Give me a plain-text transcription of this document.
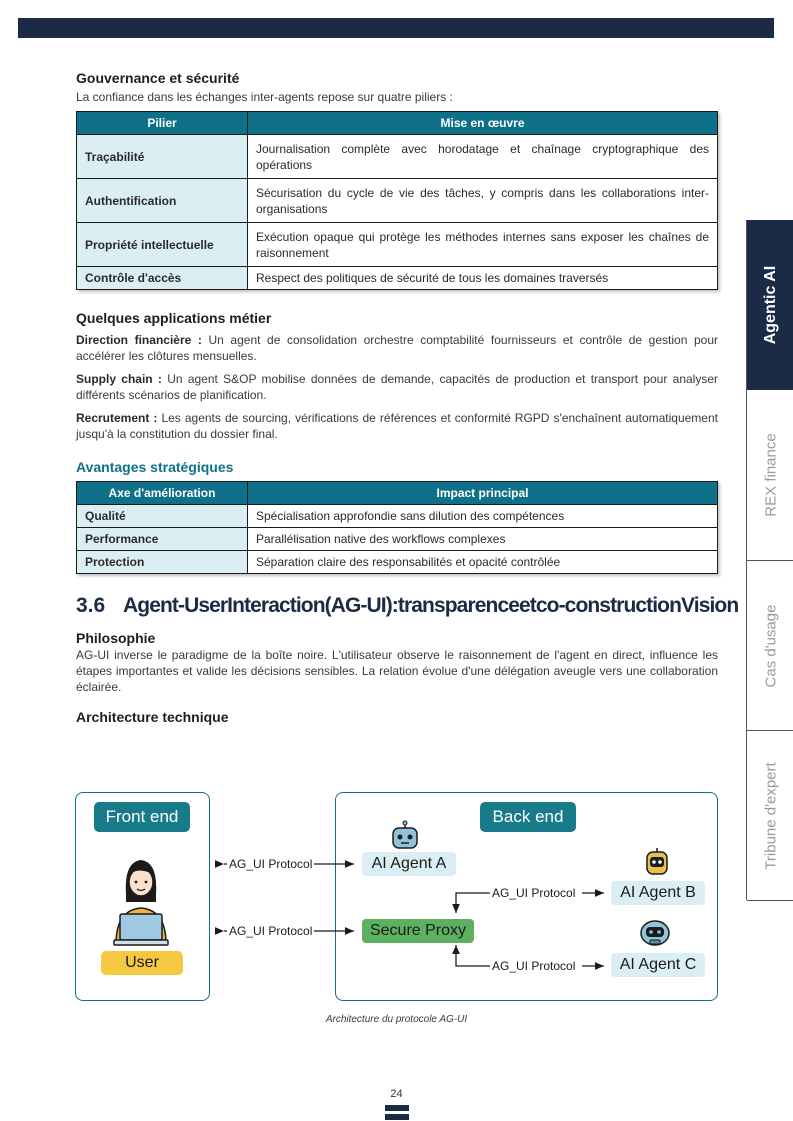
Gouvernance et sécurité

La confiance dans les échanges inter-agents repose sur quatre piliers :

Pilier	Mise en œuvre
Traçabilité	Journalisation complète avec horodatage et chaînage cryptographique des opérations
Authentification	Sécurisation du cycle de vie des tâches, y compris dans les collaborations inter-organisations
Propriété intellectuelle	Exécution opaque qui protège les méthodes internes sans exposer les chaînes de raisonnement
Contrôle d'accès	Respect des politiques de sécurité de tous les domaines traversés
Quelques applications métier

Direction financière : Un agent de consolidation orchestre comptabilité fournisseurs et contrôle de gestion pour accélérer les clôtures mensuelles.

Supply chain : Un agent S&OP mobilise données de demande, capacités de production et transport pour analyser différents scénarios de planification.

Recrutement : Les agents de sourcing, vérifications de références et conformité RGPD s'enchaînent automatiquement jusqu'à la constitution du dossier final.

Avantages stratégiques
Axe d'amélioration	Impact principal
Qualité	Spécialisation approfondie sans dilution des compétences
Performance	Parallélisation native des workflows complexes
Protection	Séparation claire des responsabilités et opacité contrôlée
3.6 Agent-UserInteraction(AG-UI):transparenceetco-constructionVision
Philosophie

AG-UI inverse le paradigme de la boîte noire. L'utilisateur observe le raisonnement de l'agent en direct, influence les étapes importantes et valide les décisions sensibles. La relation évolue d'une délégation aveugle vers une collaboration éclairée.

Architecture technique
Front end	Back end
User
AI Agent A
AI Agent B
AI Agent C
Secure Proxy
AG_UI Protocol
AG_UI Protocol
AG_UI Protocol
AG_UI Protocol
Architecture du protocole AG-UI
Agentic AI
REX finance
Cas d'usage
Tribune d'expert
24
